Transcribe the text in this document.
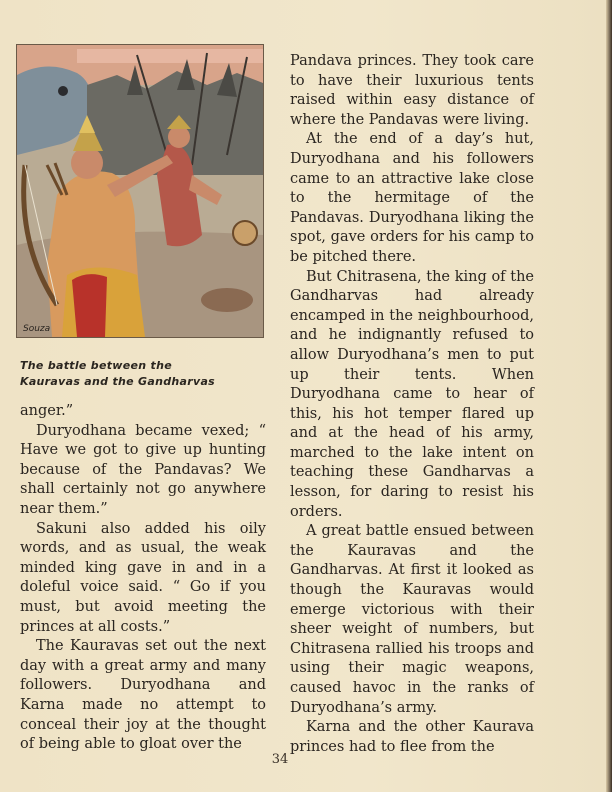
Souza
The battle between the
Kauravas and the Gandharvas

anger.”

Duryodhana became vexed; “ Have we got to give up hunting because of the Pandavas? We shall certainly not go anywhere near them.”

Sakuni also added his oily words, and as usual, the weak minded king gave in and in a doleful voice said. “ Go if you must, but avoid meeting the princes at all costs.”

The Kauravas set out the next day with a great army and many followers. Duryodhana and Karna made no attempt to conceal their joy at the thought of being able to gloat over the

Pandava princes. They took care to have their luxurious tents raised within easy distance of where the Pandavas were living.

At the end of a day’s hut, Duryodhana and his followers came to an attractive lake close to the hermitage of the Pandavas. Duryodhana liking the spot, gave orders for his camp to be pitched there.

But Chitrasena, the king of the Gandharvas had already encamped in the neighbourhood, and he indignantly refused to allow Duryodhana’s men to put up their tents. When Duryodhana came to hear of this, his hot temper flared up and at the head of his army, marched to the lake intent on teaching these Gandharvas a lesson, for daring to resist his orders.

A great battle ensued between the Kauravas and the Gandharvas. At first it looked as though the Kauravas would emerge victorious with their sheer weight of numbers, but Chitrasena rallied his troops and using their magic weapons, caused havoc in the ranks of Duryodhana’s army.

Karna and the other Kaurava princes had to flee from the

34
